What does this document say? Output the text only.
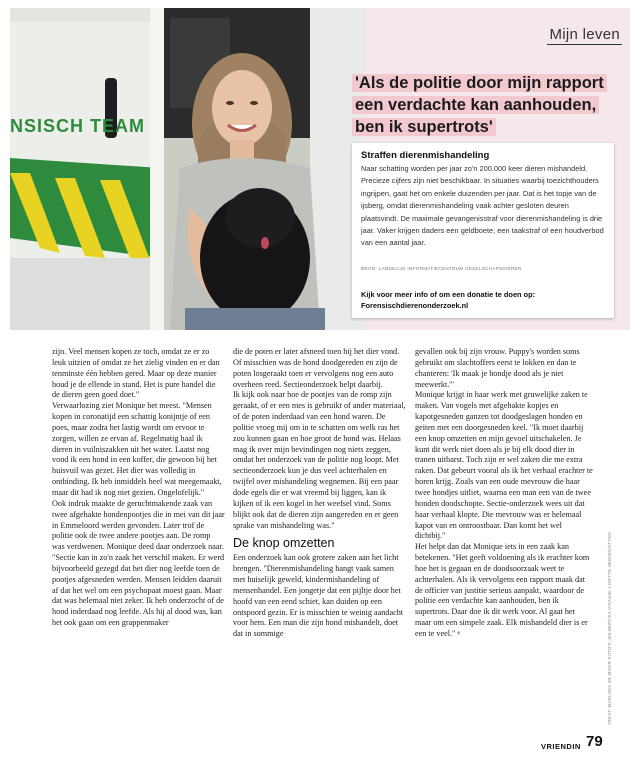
NSISCH TEAM
Mijn leven
'Als de politie door mijn rapport een verdachte kan aanhouden, ben ik supertrots'
Straffen dierenmishandeling
Naar schatting worden per jaar zo'n 200.000 keer dieren mishandeld. Precieze cijfers zijn niet beschikbaar. In situaties waarbij toezichthouders ingrijpen, gaat het om enkele duizenden per jaar. Dat is het topje van de ijsberg, omdat dierenmishandeling vaak achter gesloten deuren plaatsvindt. De maximale gevangenisstraf voor dierenmishandeling is drie jaar. Vaker krijgen daders een geldboete, een taakstraf of een houdverbod van een aantal jaar.
BRON: LANDELIJK INFORMATIECENTRUM GEZELSCHAPSDIEREN
Kijk voor meer info of om een donatie te doen op:
Forensischdierenonderzoek.nl

zijn. Veel mensen kopen ze toch, omdat ze er zo leuk uitzien of omdat ze het zielig vinden en er dan tenminste één hebben gered. Maar op deze manier houd je de ellende in stand. Het is pure handel die de dieren geen goed doet."

Verwaarlozing ziet Monique het meest. "Mensen kopen in coronatijd een schattig konijntje of een poes, maar zodra het lastig wordt om ervoor te zorgen, willen ze ervan af. Regelmatig haal ik dieren in vuilniszakken uit het water. Laatst nog vond ik een hond in een koffer, die gewoon bij het huisvuil was gezet. Het dier was volledig in ontbinding. Ik heb inmiddels heel wat meegemaakt, maar dit had ik nog niet gezien. Ongelofelijk."

Ook indruk maakte de geruchtmakende zaak van twee afgehakte hondenpootjes die in mei van dit jaar in Emmeloord werden gevonden. Later trof de politie ook de twee andere pootjes aan. De romp was verdwenen. Monique deed daar onderzoek naar. "Sectie kan in zo'n zaak het verschil maken. Er werd bijvoorbeeld gezegd dat het dier nog leefde toen de pootjes afgesneden werden. Mensen leidden daaruit af dat het wel om een psychopaat moest gaan. Maar dat was helemaal niet zeker. Ik heb onderzocht of de hond inderdaad nog leefde. Als hij al dood was, kan het ook gaan om een grappenmaker

die de poten er later afsneed toen hij het dier vond. Of misschien was de hond doodgereden en zijn de poten losgeraakt toen er vervolgens nog een auto overheen reed. Sectieonderzoek helpt daarbij.

Ik kijk ook naar hoe de pootjes van de romp zijn geraakt, of er een mes is gebruikt of ander materiaal, of de poten inderdaad van een hond waren. De politie vroeg mij om in te schatten om welk ras het zou kunnen gaan en hoe groot de hond was. Helaas mag ik over mijn bevindingen nog niets zeggen, omdat het onderzoek van de politie nog loopt. Met sectieonderzoek kun je dus veel achterhalen en twijfel over mishandeling wegnemen. Bij een paar dode egels die er wat vreemd bij liggen, kan ik kijken of ik een kogel in het weefsel vind. Soms blijkt ook dat de dieren zijn aangereden en er geen sprake van mishandeling was."

De knop omzetten

Een onderzoek kan ook grotere zaken aan het licht brengen. "Dierenmishandeling hangt vaak samen met huiselijk geweld, kindermishandeling of mensenhandel. Een jongetje dat een pijltje door het hoofd van een eend schiet, kan duiden op een ontspoord gezin. Er is misschien te weinig aandacht voor hem. Een man die zijn hond mishandelt, doet dat in sommige

gevallen ook bij zijn vrouw. Puppy's worden soms gebruikt om slachtoffers eerst te lokken en dan te chanteren: 'Ik maak je hondje dood als je niet meewerkt.'"

Monique krijgt in haar werk met gruwelijke zaken te maken. Van vogels met afgehakte kopjes en kapotgesneden ganzen tot doodgeslagen honden en geiten met een doorgesneden keel. "Ik moet daarbij een knop omzetten en mijn gevoel uitschakelen. Je kunt dit werk niet doen als je bij elk dood dier in tranen uitbarst. Toch zijn er wel zaken die me extra raken. Dat gebeurt vooral als ik het verhaal erachter te horen krijg. Zoals van een oude mevrouw die haar twee hondjes uitliet, waarna een man een van de twee honden doodschopte. Sectie-onderzoek wees uit dat haar verhaal klopte. Die mevrouw was er helemaal kapot van en ontroostbaar. Dan komt het wel dichtbij."

Het helpt dan dat Monique iets in een zaak kan betekenen. "Het geeft voldoening als ik erachter kom hoe het is gegaan en de doodsoorzaak weet te achterhalen. Als ik vervolgens een rapport maak dat de officier van justitie serieus aanpakt, waardoor de politie een verdachte kan aanhouden, ben ik supertrots. Daar doe ik dit werk voor. Al gaat het maar om een simpele zaak. Elk mishandeld dier is er een te veel." ᵠ	TEKST: MARLOES DE MOOR FOTO'S: WILBERT/KA VISAGIE: LISETTE HENNIS/OTTEN
VRIENDIN 79
